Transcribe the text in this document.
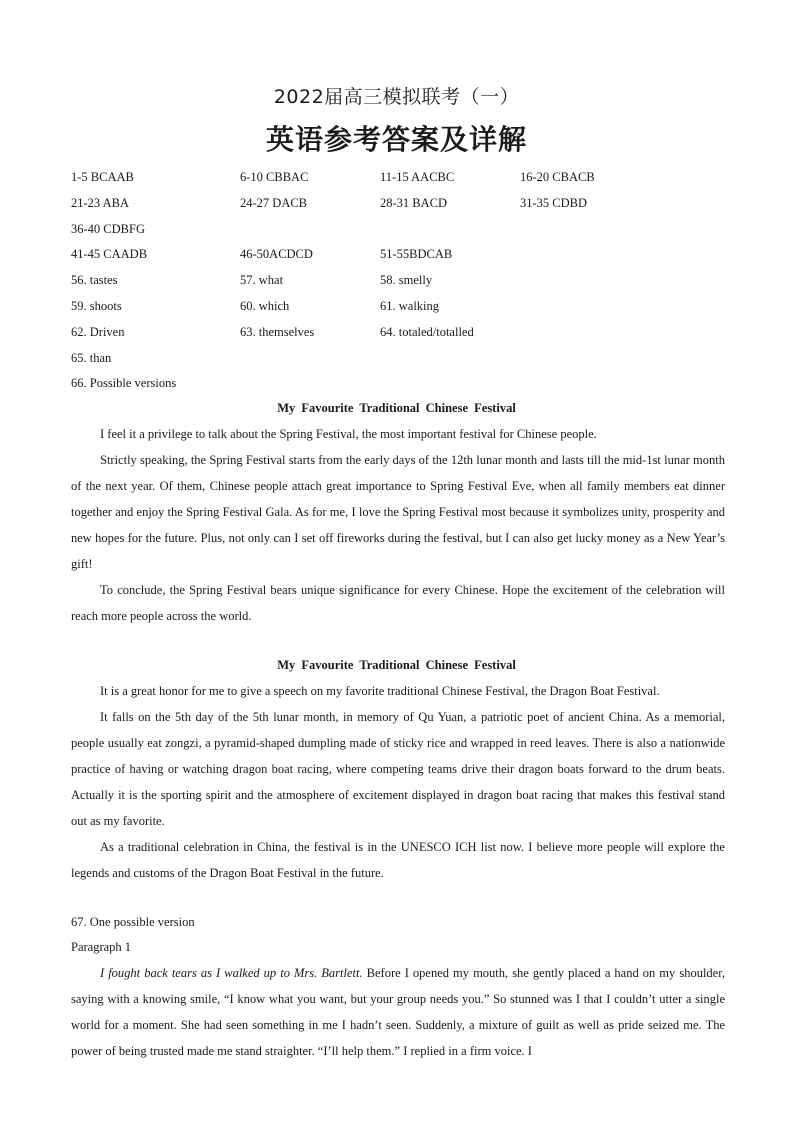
2022届高三模拟联考（一）
英语参考答案及详解
1-5 BCAAB	6-10 CBBAC	11-15 AACBC	16-20 CBACB
21-23 ABA	24-27 DACB	28-31 BACD	31-35 CDBD
36-40 CDBFG
41-45 CAADB	46-50ACDCD	51-55BDCAB
56. tastes	57. what	58. smelly
59. shoots	60. which	61. walking
62. Driven	63. themselves	64. totaled/totalled
65. than
66. Possible versions
My Favourite Traditional Chinese Festival
I feel it a privilege to talk about the Spring Festival, the most important festival for Chinese people.
Strictly speaking, the Spring Festival starts from the early days of the 12th lunar month and lasts till the mid-1st lunar month of the next year. Of them, Chinese people attach great importance to Spring Festival Eve, when all family members eat dinner together and enjoy the Spring Festival Gala. As for me, I love the Spring Festival most because it symbolizes unity, prosperity and new hopes for the future. Plus, not only can I set off fireworks during the festival, but I can also get lucky money as a New Year’s gift!
To conclude, the Spring Festival bears unique significance for every Chinese. Hope the excitement of the celebration will reach more people across the world.
My Favourite Traditional Chinese Festival
It is a great honor for me to give a speech on my favorite traditional Chinese Festival, the Dragon Boat Festival.
It falls on the 5th day of the 5th lunar month, in memory of Qu Yuan, a patriotic poet of ancient China. As a memorial, people usually eat zongzi, a pyramid-shaped dumpling made of sticky rice and wrapped in reed leaves. There is also a nationwide practice of having or watching dragon boat racing, where competing teams drive their dragon boats forward to the drum beats. Actually it is the sporting spirit and the atmosphere of excitement displayed in dragon boat racing that makes this festival stand out as my favorite.
As a traditional celebration in China, the festival is in the UNESCO ICH list now. I believe more people will explore the legends and customs of the Dragon Boat Festival in the future.
67. One possible version
Paragraph 1
I fought back tears as I walked up to Mrs. Bartlett. Before I opened my mouth, she gently placed a hand on my shoulder, saying with a knowing smile, “I know what you want, but your group needs you.” So stunned was I that I couldn’t utter a single world for a moment. She had seen something in me I hadn’t seen. Suddenly, a mixture of guilt as well as pride seized me. The power of being trusted made me stand straighter. “I’ll help them.” I replied in a firm voice. I
